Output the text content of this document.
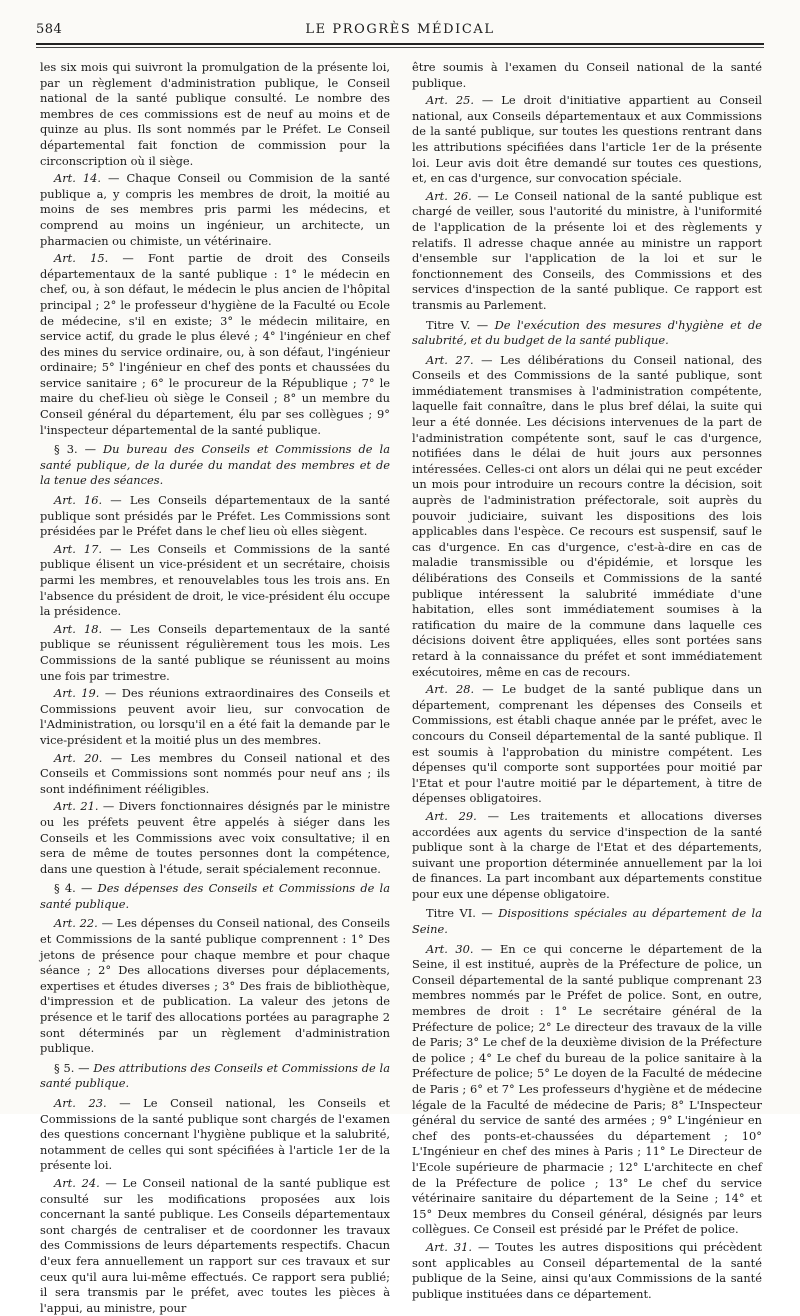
584	LE PROGRÈS MÉDICAL

les six mois qui suivront la promulgation de la présente loi, par un règlement d'administration publique, le Conseil national de la santé publique consulté. Le nombre des membres de ces commissions est de neuf au moins et de quinze au plus. Ils sont nommés par le Préfet. Le Conseil départemental fait fonction de commission pour la circonscription où il siège.

Art. 14. — Chaque Conseil ou Commision de la santé publique a, y compris les membres de droit, la moitié au moins de ses membres pris parmi les médecins, et comprend au moins un ingénieur, un architecte, un pharmacien ou chimiste, un vétérinaire.

Art. 15. — Font partie de droit des Conseils départementaux de la santé publique : 1° le médecin en chef, ou, à son défaut, le médecin le plus ancien de l'hôpital principal ; 2° le professeur d'hygiène de la Faculté ou Ecole de médecine, s'il en existe; 3° le médecin militaire, en service actif, du grade le plus élevé ; 4° l'ingénieur en chef des mines du service ordinaire, ou, à son défaut, l'ingénieur ordinaire; 5° l'ingénieur en chef des ponts et chaussées du service sanitaire ; 6° le procureur de la République ; 7° le maire du chef-lieu où siège le Conseil ; 8° un membre du Conseil général du département, élu par ses collègues ; 9° l'inspecteur départemental de la santé publique.

§ 3. — Du bureau des Conseils et Commissions de la santé publique, de la durée du mandat des membres et de la tenue des séances.

Art. 16. — Les Conseils départementaux de la santé publique sont présidés par le Préfet. Les Commissions sont présidées par le Préfet dans le chef lieu où elles siègent.

Art. 17. — Les Conseils et Commissions de la santé publique élisent un vice-président et un secrétaire, choisis parmi les membres, et renouvelables tous les trois ans. En l'absence du président de droit, le vice-président élu occupe la présidence.

Art. 18. — Les Conseils departementaux de la santé publique se réunissent régulièrement tous les mois. Les Commissions de la santé publique se réunissent au moins une fois par trimestre.

Art. 19. — Des réunions extraordinaires des Conseils et Commissions peuvent avoir lieu, sur convocation de l'Administration, ou lorsqu'il en a été fait la demande par le vice-président et la moitié plus un des membres.

Art. 20. — Les membres du Conseil national et des Conseils et Commissions sont nommés pour neuf ans ; ils sont indéfiniment rééligibles.

Art. 21. — Divers fonctionnaires désignés par le ministre ou les préfets peuvent être appelés à siéger dans les Conseils et les Commissions avec voix consultative; il en sera de même de toutes personnes dont la compétence, dans une question à l'étude, serait spécialement reconnue.

§ 4. — Des dépenses des Conseils et Commissions de la santé publique.

Art. 22. — Les dépenses du Conseil national, des Conseils et Commissions de la santé publique comprennent : 1° Des jetons de présence pour chaque membre et pour chaque séance ; 2° Des allocations diverses pour déplacements, expertises et études diverses ; 3° Des frais de bibliothèque, d'impression et de publication. La valeur des jetons de présence et le tarif des allocations portées au paragraphe 2 sont déterminés par un règlement d'administration publique.

§ 5. — Des attributions des Conseils et Commissions de la santé publique.

Art. 23. — Le Conseil national, les Conseils et Commissions de la santé publique sont chargés de l'examen des questions concernant l'hygiène publique et la salubrité, notamment de celles qui sont spécifiées à l'article 1er de la présente loi.

Art. 24. — Le Conseil national de la santé publique est consulté sur les modifications proposées aux lois concernant la santé publique. Les Conseils départementaux sont chargés de centraliser et de coordonner les travaux des Commissions de leurs départements respectifs. Chacun d'eux fera annuellement un rapport sur ces travaux et sur ceux qu'il aura lui-même effectués. Ce rapport sera publié; il sera transmis par le préfet, avec toutes les pièces à l'appui, au ministre, pour

être soumis à l'examen du Conseil national de la santé publique.

Art. 25. — Le droit d'initiative appartient au Conseil national, aux Conseils départementaux et aux Commissions de la santé publique, sur toutes les questions rentrant dans les attributions spécifiées dans l'article 1er de la présente loi. Leur avis doit être demandé sur toutes ces questions, et, en cas d'urgence, sur convocation spéciale.

Art. 26. — Le Conseil national de la santé publique est chargé de veiller, sous l'autorité du ministre, à l'uniformité de l'application de la présente loi et des règlements y relatifs. Il adresse chaque année au ministre un rapport d'ensemble sur l'application de la loi et sur le fonctionnement des Conseils, des Commissions et des services d'inspection de la santé publique. Ce rapport est transmis au Parlement.

Titre V. — De l'exécution des mesures d'hygiène et de salubrité, et du budget de la santé publique.

Art. 27. — Les délibérations du Conseil national, des Conseils et des Commissions de la santé publique, sont immédiatement transmises à l'administration compétente, laquelle fait connaître, dans le plus bref délai, la suite qui leur a été donnée. Les décisions intervenues de la part de l'administration compétente sont, sauf le cas d'urgence, notifiées dans le délai de huit jours aux personnes intéressées. Celles-ci ont alors un délai qui ne peut excéder un mois pour introduire un recours contre la décision, soit auprès de l'administration préfectorale, soit auprès du pouvoir judiciaire, suivant les dispositions des lois applicables dans l'espèce. Ce recours est suspensif, sauf le cas d'urgence. En cas d'urgence, c'est-à-dire en cas de maladie transmissible ou d'épidémie, et lorsque les délibérations des Conseils et Commissions de la santé publique intéressent la salubrité immédiate d'une habitation, elles sont immédiatement soumises à la ratification du maire de la commune dans laquelle ces décisions doivent être appliquées, elles sont portées sans retard à la connaissance du préfet et sont immédiatement exécutoires, même en cas de recours.

Art. 28. — Le budget de la santé publique dans un département, comprenant les dépenses des Conseils et Commissions, est établi chaque année par le préfet, avec le concours du Conseil départemental de la santé publique. Il est soumis à l'approbation du ministre compétent. Les dépenses qu'il comporte sont supportées pour moitié par l'Etat et pour l'autre moitié par le département, à titre de dépenses obligatoires.

Art. 29. — Les traitements et allocations diverses accordées aux agents du service d'inspection de la santé publique sont à la charge de l'Etat et des départements, suivant une proportion déterminée annuellement par la loi de finances. La part incombant aux départements constitue pour eux une dépense obligatoire.

Titre VI. — Dispositions spéciales au département de la Seine.

Art. 30. — En ce qui concerne le département de la Seine, il est institué, auprès de la Préfecture de police, un Conseil départemental de la santé publique comprenant 23 membres nommés par le Préfet de police. Sont, en outre, membres de droit : 1° Le secrétaire général de la Préfecture de police; 2° Le directeur des travaux de la ville de Paris; 3° Le chef de la deuxième division de la Préfecture de police ; 4° Le chef du bureau de la police sanitaire à la Préfecture de police; 5° Le doyen de la Faculté de médecine de Paris ; 6° et 7° Les professeurs d'hygiène et de médecine légale de la Faculté de médecine de Paris; 8° L'Inspecteur général du service de santé des armées ; 9° L'ingénieur en chef des ponts-et-chaussées du département ; 10° L'Ingénieur en chef des mines à Paris ; 11° Le Directeur de l'Ecole supérieure de pharmacie ; 12° L'architecte en chef de la Préfecture de police ; 13° Le chef du service vétérinaire sanitaire du département de la Seine ; 14° et 15° Deux membres du Conseil général, désignés par leurs collègues. Ce Conseil est présidé par le Préfet de police.

Art. 31. — Toutes les autres dispositions qui précèdent sont applicables au Conseil départemental de la santé publique de la Seine, ainsi qu'aux Commissions de la santé publique instituées dans ce département.
